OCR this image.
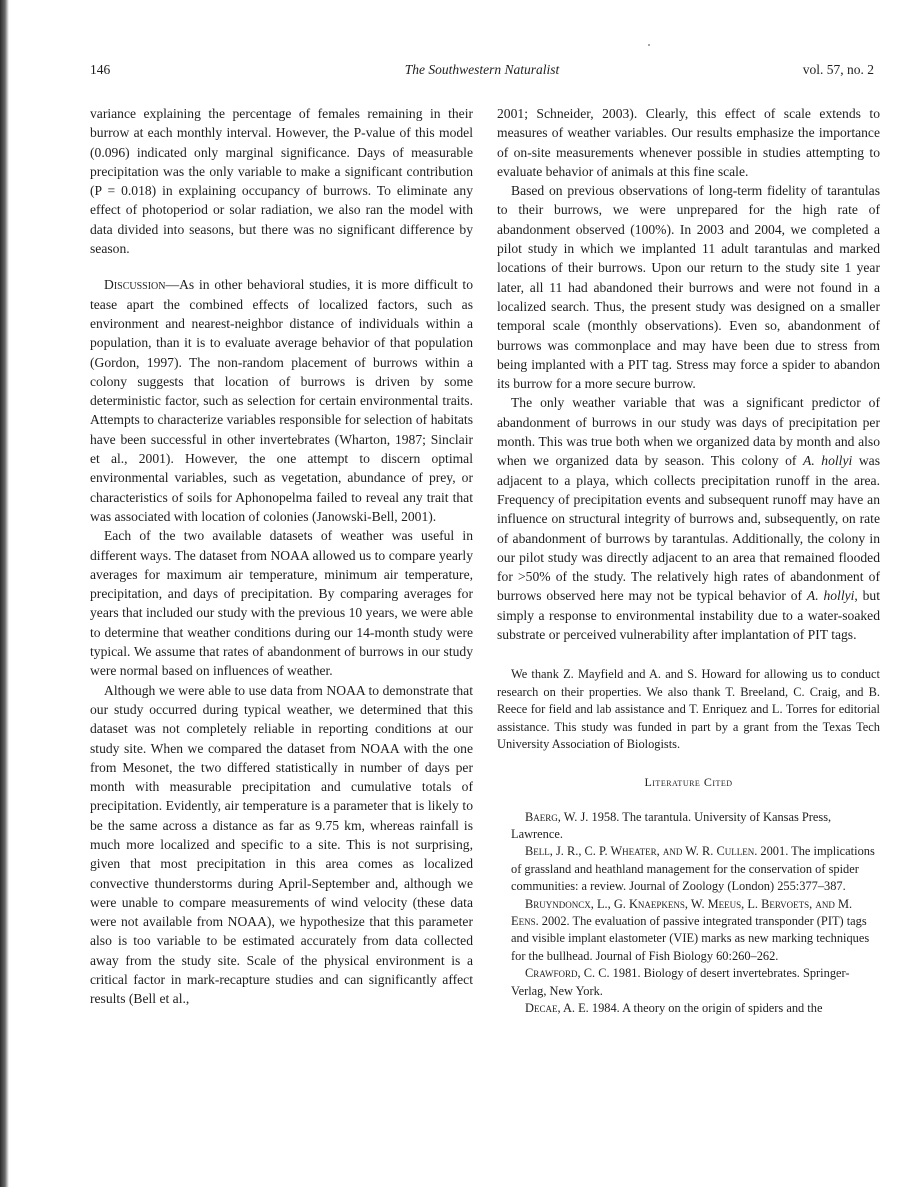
146	The Southwestern Naturalist	vol. 57, no. 2

variance explaining the percentage of females remaining in their burrow at each monthly interval. However, the P-value of this model (0.096) indicated only marginal significance. Days of measurable precipitation was the only variable to make a significant contribution (P = 0.018) in explaining occupancy of burrows. To eliminate any effect of photoperiod or solar radiation, we also ran the model with data divided into seasons, but there was no significant difference by season.

Discussion—As in other behavioral studies, it is more difficult to tease apart the combined effects of localized factors, such as environment and nearest-neighbor distance of individuals within a population, than it is to evaluate average behavior of that population (Gordon, 1997). The non-random placement of burrows within a colony suggests that location of burrows is driven by some deterministic factor, such as selection for certain environmental traits. Attempts to characterize variables responsible for selection of habitats have been successful in other invertebrates (Wharton, 1987; Sinclair et al., 2001). However, the one attempt to discern optimal environmental variables, such as vegetation, abundance of prey, or characteristics of soils for Aphonopelma failed to reveal any trait that was associated with location of colonies (Janowski-Bell, 2001).

Each of the two available datasets of weather was useful in different ways. The dataset from NOAA allowed us to compare yearly averages for maximum air temperature, minimum air temperature, precipitation, and days of precipitation. By comparing averages for years that included our study with the previous 10 years, we were able to determine that weather conditions during our 14-month study were typical. We assume that rates of abandonment of burrows in our study were normal based on influences of weather.

Although we were able to use data from NOAA to demonstrate that our study occurred during typical weather, we determined that this dataset was not completely reliable in reporting conditions at our study site. When we compared the dataset from NOAA with the one from Mesonet, the two differed statistically in number of days per month with measurable precipitation and cumulative totals of precipitation. Evidently, air temperature is a parameter that is likely to be the same across a distance as far as 9.75 km, whereas rainfall is much more localized and specific to a site. This is not surprising, given that most precipitation in this area comes as localized convective thunderstorms during April-September and, although we were unable to compare measurements of wind velocity (these data were not available from NOAA), we hypothesize that this parameter also is too variable to be estimated accurately from data collected away from the study site. Scale of the physical environment is a critical factor in mark-recapture studies and can significantly affect results (Bell et al.,

2001; Schneider, 2003). Clearly, this effect of scale extends to measures of weather variables. Our results emphasize the importance of on-site measurements whenever possible in studies attempting to evaluate behavior of animals at this fine scale.

Based on previous observations of long-term fidelity of tarantulas to their burrows, we were unprepared for the high rate of abandonment observed (100%). In 2003 and 2004, we completed a pilot study in which we implanted 11 adult tarantulas and marked locations of their burrows. Upon our return to the study site 1 year later, all 11 had abandoned their burrows and were not found in a localized search. Thus, the present study was designed on a smaller temporal scale (monthly observations). Even so, abandonment of burrows was commonplace and may have been due to stress from being implanted with a PIT tag. Stress may force a spider to abandon its burrow for a more secure burrow.

The only weather variable that was a significant predictor of abandonment of burrows in our study was days of precipitation per month. This was true both when we organized data by month and also when we organized data by season. This colony of A. hollyi was adjacent to a playa, which collects precipitation runoff in the area. Frequency of precipitation events and subsequent runoff may have an influence on structural integrity of burrows and, subsequently, on rate of abandonment of burrows by tarantulas. Additionally, the colony in our pilot study was directly adjacent to an area that remained flooded for >50% of the study. The relatively high rates of abandonment of burrows observed here may not be typical behavior of A. hollyi, but simply a response to environmental instability due to a water-soaked substrate or perceived vulnerability after implantation of PIT tags.

We thank Z. Mayfield and A. and S. Howard for allowing us to conduct research on their properties. We also thank T. Breeland, C. Craig, and B. Reece for field and lab assistance and T. Enriquez and L. Torres for editorial assistance. This study was funded in part by a grant from the Texas Tech University Association of Biologists.

Literature Cited

Baerg, W. J. 1958. The tarantula. University of Kansas Press, Lawrence.

Bell, J. R., C. P. Wheater, and W. R. Cullen. 2001. The implications of grassland and heathland management for the conservation of spider communities: a review. Journal of Zoology (London) 255:377–387.

Bruyndoncx, L., G. Knaepkens, W. Meeus, L. Bervoets, and M. Eens. 2002. The evaluation of passive integrated transponder (PIT) tags and visible implant elastometer (VIE) marks as new marking techniques for the bullhead. Journal of Fish Biology 60:260–262.

Crawford, C. C. 1981. Biology of desert invertebrates. Springer-Verlag, New York.

Decae, A. E. 1984. A theory on the origin of spiders and the
